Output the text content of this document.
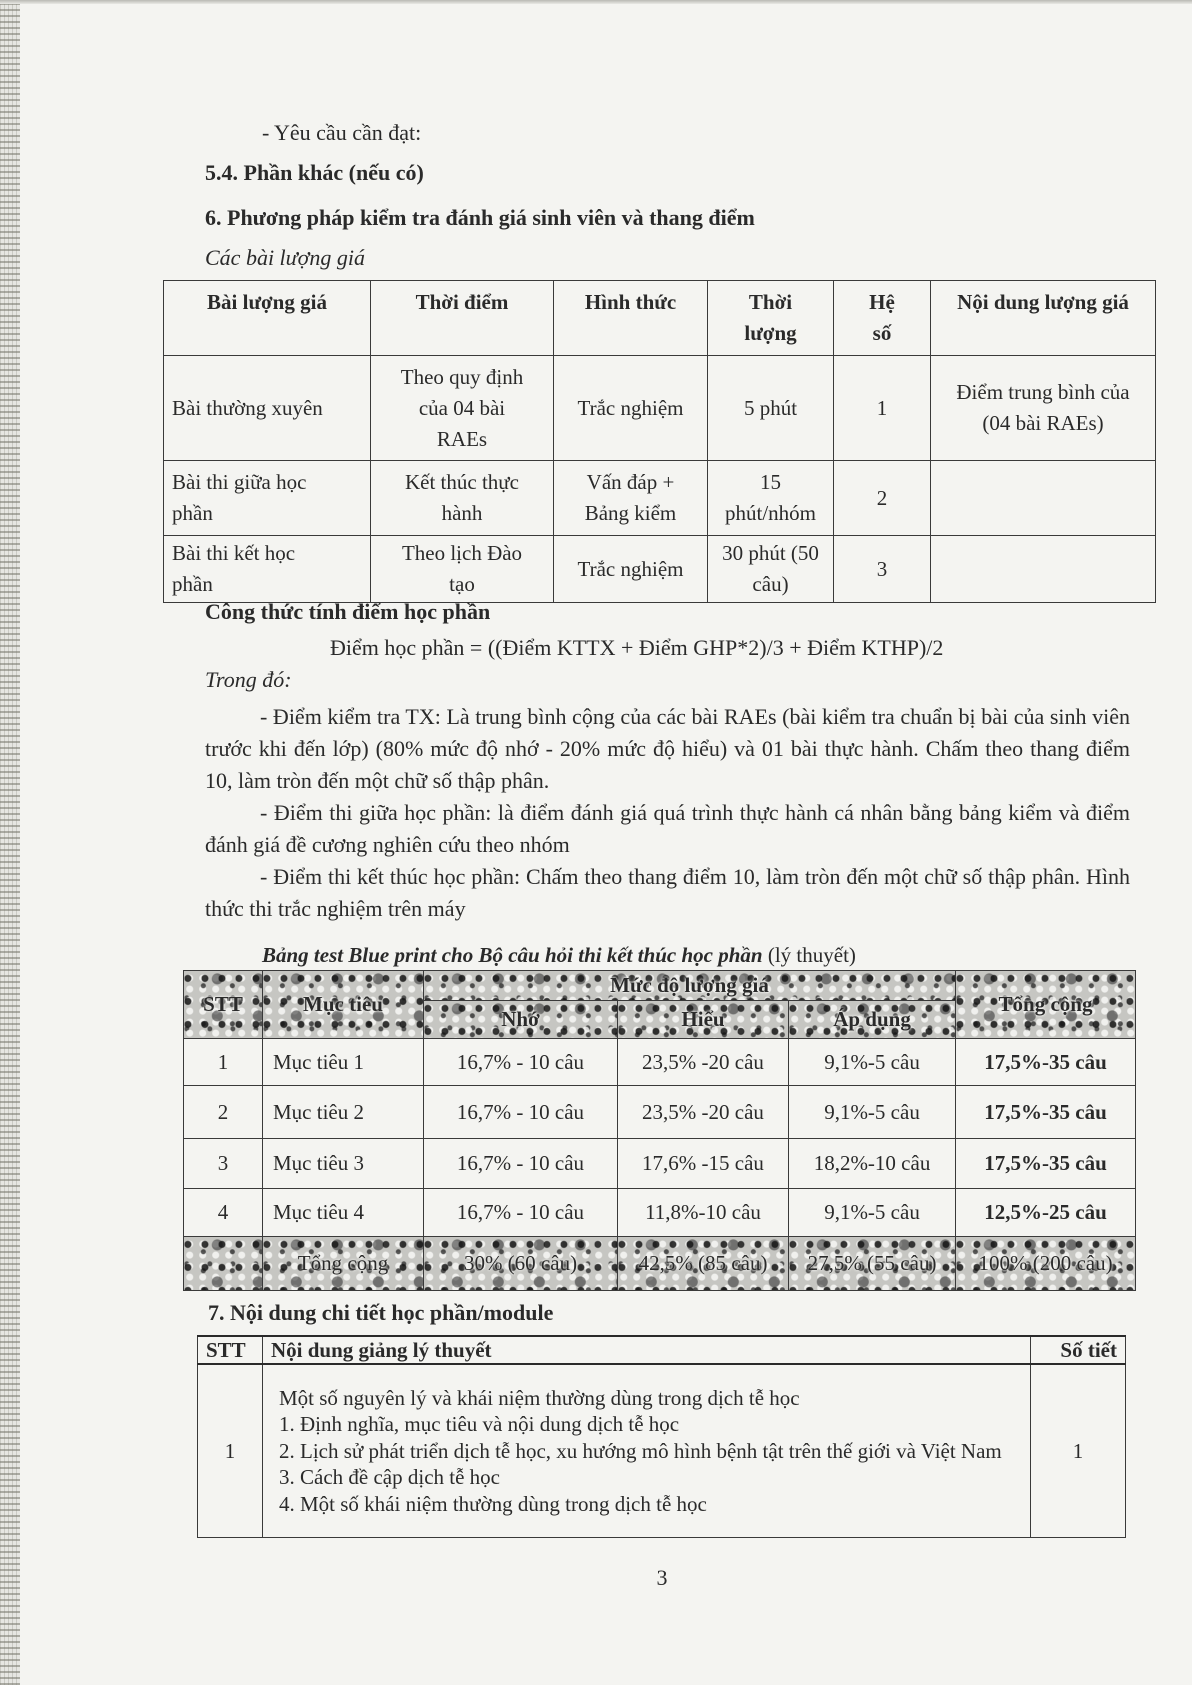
- Yêu cầu cần đạt:
5.4. Phần khác (nếu có)
6. Phương pháp kiểm tra đánh giá sinh viên và thang điểm
Các bài lượng giá
Bài lượng giá	Thời điểm	Hình thức	Thời lượng	Hệ số	Nội dung lượng giá
Bài thường xuyên	Theo quy định của 04 bài RAEs	Trắc nghiệm	5 phút	1	Điểm trung bình của (04 bài RAEs)
Bài thi giữa học phần	Kết thúc thực hành	Vấn đáp + Bảng kiểm	15 phút/nhóm	2	
Bài thi kết học phần	Theo lịch Đào tạo	Trắc nghiệm	30 phút (50 câu)	3	
Công thức tính điểm học phần
Điểm học phần = ((Điểm KTTX + Điểm GHP*2)/3 + Điểm KTHP)/2
Trong đó:

- Điểm kiểm tra TX: Là trung bình cộng của các bài RAEs (bài kiểm tra chuẩn bị bài của sinh viên trước khi đến lớp) (80% mức độ nhớ - 20% mức độ hiểu) và 01 bài thực hành. Chấm theo thang điểm 10, làm tròn đến một chữ số thập phân.

- Điểm thi giữa học phần: là điểm đánh giá quá trình thực hành cá nhân bằng bảng kiểm và điểm đánh giá đề cương nghiên cứu theo nhóm

- Điểm thi kết thúc học phần: Chấm theo thang điểm 10, làm tròn đến một chữ số thập phân. Hình thức thi trắc nghiệm trên máy

Bảng test Blue print cho Bộ câu hỏi thi kết thúc học phần (lý thuyết)
STT	Mục tiêu	Mức độ lượng giá			Tổng cộng
		Nhớ	Hiểu	Áp dụng	
1	Mục tiêu 1	16,7% - 10 câu	23,5% -20 câu	9,1%-5 câu	17,5%-35 câu
2	Mục tiêu 2	16,7% - 10 câu	23,5% -20 câu	9,1%-5 câu	17,5%-35 câu
3	Mục tiêu 3	16,7% - 10 câu	17,6% -15 câu	18,2%-10 câu	17,5%-35 câu
4	Mục tiêu 4	16,7% - 10 câu	11,8%-10 câu	9,1%-5 câu	12,5%-25 câu
	Tổng cộng	30% (60 câu)	42,5% (85 câu)	27,5% (55 câu)	100% (200 câu)
7. Nội dung chi tiết học phần/module
STT	Nội dung giảng lý thuyết	Số tiết
1	Một số nguyên lý và khái niệm thường dùng trong dịch tễ học
1. Định nghĩa, mục tiêu và nội dung dịch tễ học
2. Lịch sử phát triển dịch tễ học, xu hướng mô hình bệnh tật trên thế giới và Việt Nam
3. Cách đề cập dịch tễ học
4. Một số khái niệm thường dùng trong dịch tễ học	1
3
